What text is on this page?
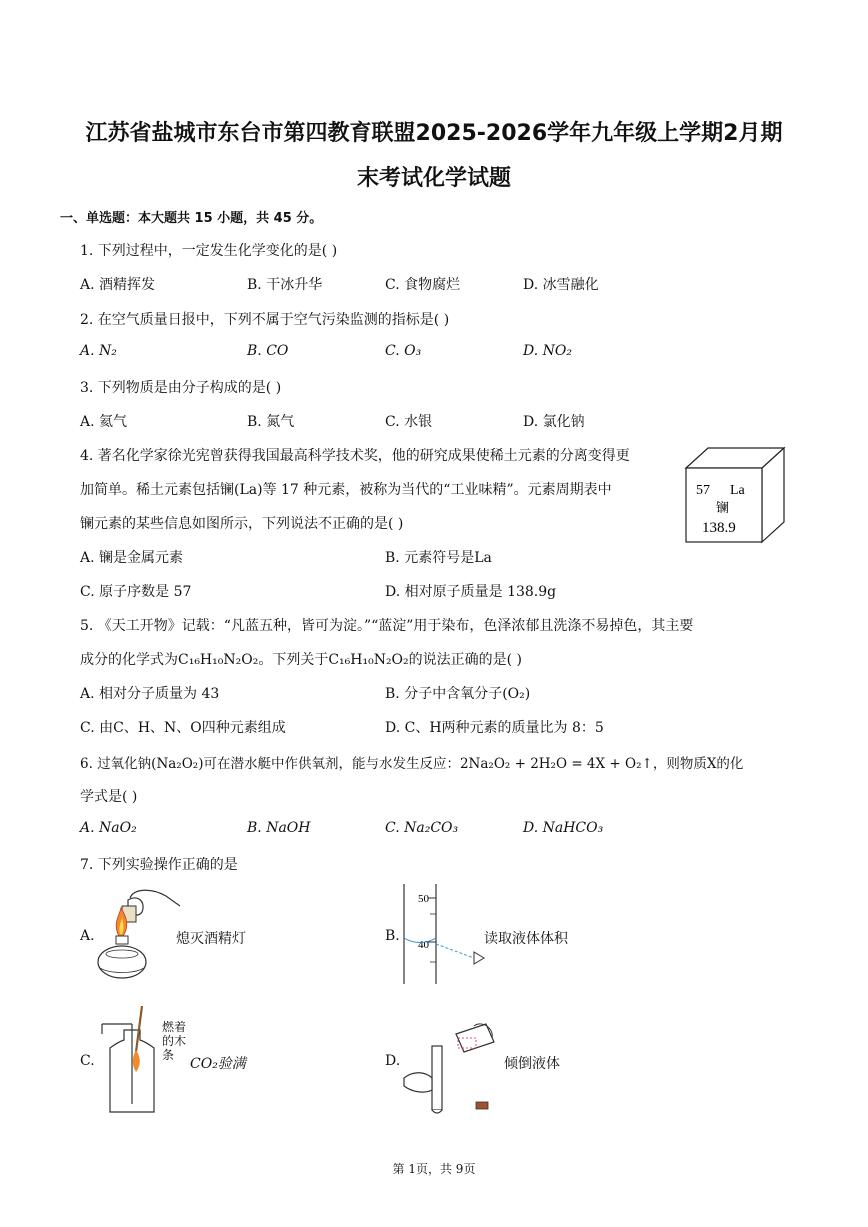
江苏省盐城市东台市第四教育联盟2025-2026学年九年级上学期2月期
末考试化学试题
一、单选题：本大题共 15 小题，共 45 分。
1. 下列过程中，一定发生化学变化的是( )
A. 酒精挥发	B. 干冰升华	C. 食物腐烂	D. 冰雪融化
2. 在空气质量日报中，下列不属于空气污染监测的指标是( )
A. N₂	B. CO	C. O₃	D. NO₂
3. 下列物质是由分子构成的是( )
A. 氦气	B. 氮气	C. 水银	D. 氯化钠
4. 著名化学家徐光宪曾获得我国最高科学技术奖，他的研究成果使稀土元素的分离变得更
加简单。稀土元素包括镧(La)等 17 种元素，被称为当代的“工业味精”。元素周期表中
镧元素的某些信息如图所示，下列说法不正确的是( )
A. 镧是金属元素	B. 元素符号是La
C. 原子序数是 57	D. 相对原子质量是 138.9g
57 La
镧
138.9
5. 《天工开物》记载：“凡蓝五种，皆可为淀。”“蓝淀”用于染布，色泽浓郁且洗涤不易掉色，其主要
成分的化学式为C₁₆H₁₀N₂O₂。下列关于C₁₆H₁₀N₂O₂的说法正确的是( )
A. 相对分子质量为 43	B. 分子中含氧分子(O₂)
C. 由C、H、N、O四种元素组成	D. C、H两种元素的质量比为 8：5
6. 过氧化钠(Na₂O₂)可在潜水艇中作供氧剂，能与水发生反应：2Na₂O₂ + 2H₂O = 4X + O₂↑，则物质X的化
学式是( )
A. NaO₂	B. NaOH	C. Na₂CO₃	D. NaHCO₃
7. 下列实验操作正确的是
A.	熄灭酒精灯	B.
50
40	读取液体体积
C.
燃着
的木
条
CO₂验满	D.	倾倒液体
第 1页，共 9页
